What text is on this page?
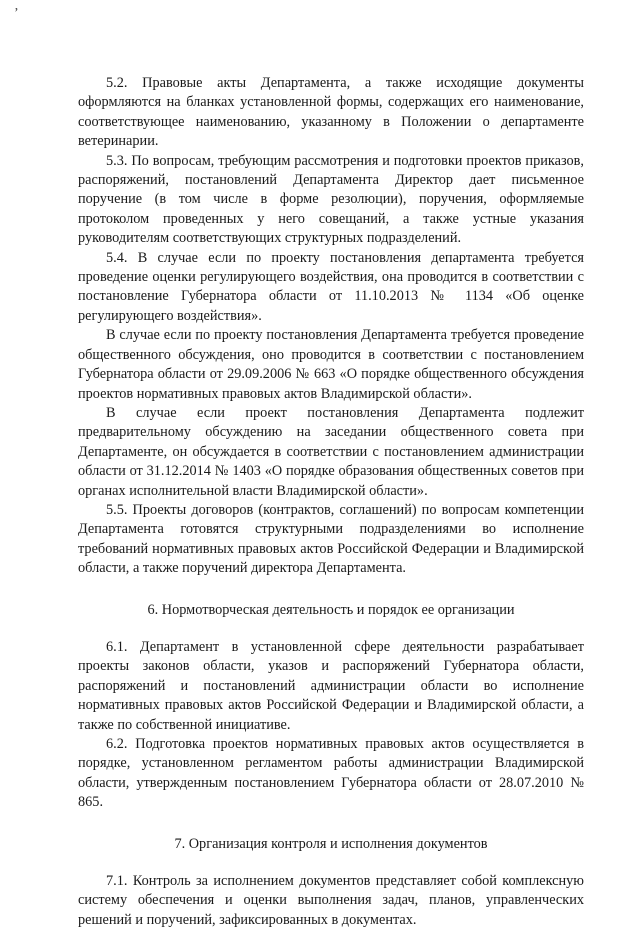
ʼ

5.2. Правовые акты Департамента, а также исходящие документы оформляются на бланках установленной формы, содержащих его наименование, соответствующее наименованию, указанному в Положении о департаменте ветеринарии.

5.3. По вопросам, требующим рассмотрения и подготовки проектов приказов, распоряжений, постановлений Департамента Директор дает письменное поручение (в том числе в форме резолюции), поручения, оформляемые протоколом проведенных у него совещаний, а также устные указания руководителям соответствующих структурных подразделений.

5.4. В случае если по проекту постановления департамента требуется проведение оценки регулирующего воздействия, она проводится в соответствии с постановление Губернатора области от 11.10.2013 № 1134 «Об оценке регулирующего воздействия».

В случае если по проекту постановления Департамента требуется проведение общественного обсуждения, оно проводится в соответствии с постановлением Губернатора области от 29.09.2006 № 663 «О порядке общественного обсуждения проектов нормативных правовых актов Владимирской области».

В случае если проект постановления Департамента подлежит предварительному обсуждению на заседании общественного совета при Департаменте, он обсуждается в соответствии с постановлением администрации области от 31.12.2014 № 1403 «О порядке образования общественных советов при органах исполнительной власти Владимирской области».

5.5. Проекты договоров (контрактов, соглашений) по вопросам компетенции Департамента готовятся структурными подразделениями во исполнение требований нормативных правовых актов Российской Федерации и Владимирской области, а также поручений директора Департамента.

6. Нормотворческая деятельность и порядок ее организации

6.1. Департамент в установленной сфере деятельности разрабатывает проекты законов области, указов и распоряжений Губернатора области, распоряжений и постановлений администрации области во исполнение нормативных правовых актов Российской Федерации и Владимирской области, а также по собственной инициативе.

6.2. Подготовка проектов нормативных правовых актов осуществляется в порядке, установленном регламентом работы администрации Владимирской области, утвержденным постановлением Губернатора области от 28.07.2010 № 865.

7. Организация контроля и исполнения документов

7.1. Контроль за исполнением документов представляет собой комплексную систему обеспечения и оценки выполнения задач, планов, управленческих решений и поручений, зафиксированных в документах.
